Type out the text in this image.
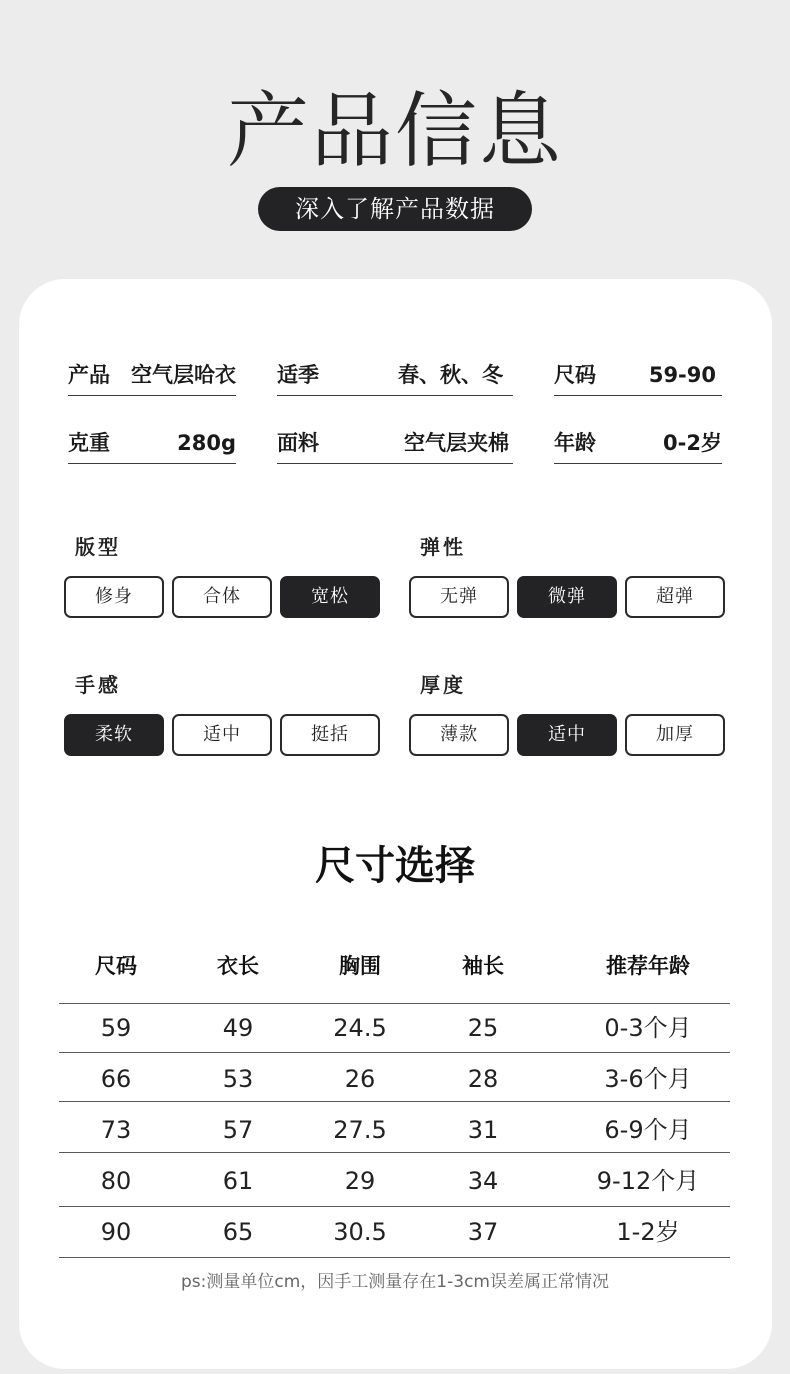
产品信息
深入了解产品数据
产品 空气层哈衣 适季	春、秋、冬 尺码	59-90
克重	280g 面料	空气层夹棉 年龄	0-2岁
版型
修身	合体	宽松
弹性
无弹	微弹	超弹
手感
柔软	适中	挺括
厚度
薄款	适中	加厚
尺寸选择
尺码	衣长	胸围	袖长	推荐年龄
59	49	24.5	25	0-3个月
66	53	26	28	3-6个月
73	57	27.5	31	6-9个月
80	61	29	34	9-12个月
90	65	30.5	37	1-2岁
ps:测量单位cm，因手工测量存在1-3cm误差属正常情况
